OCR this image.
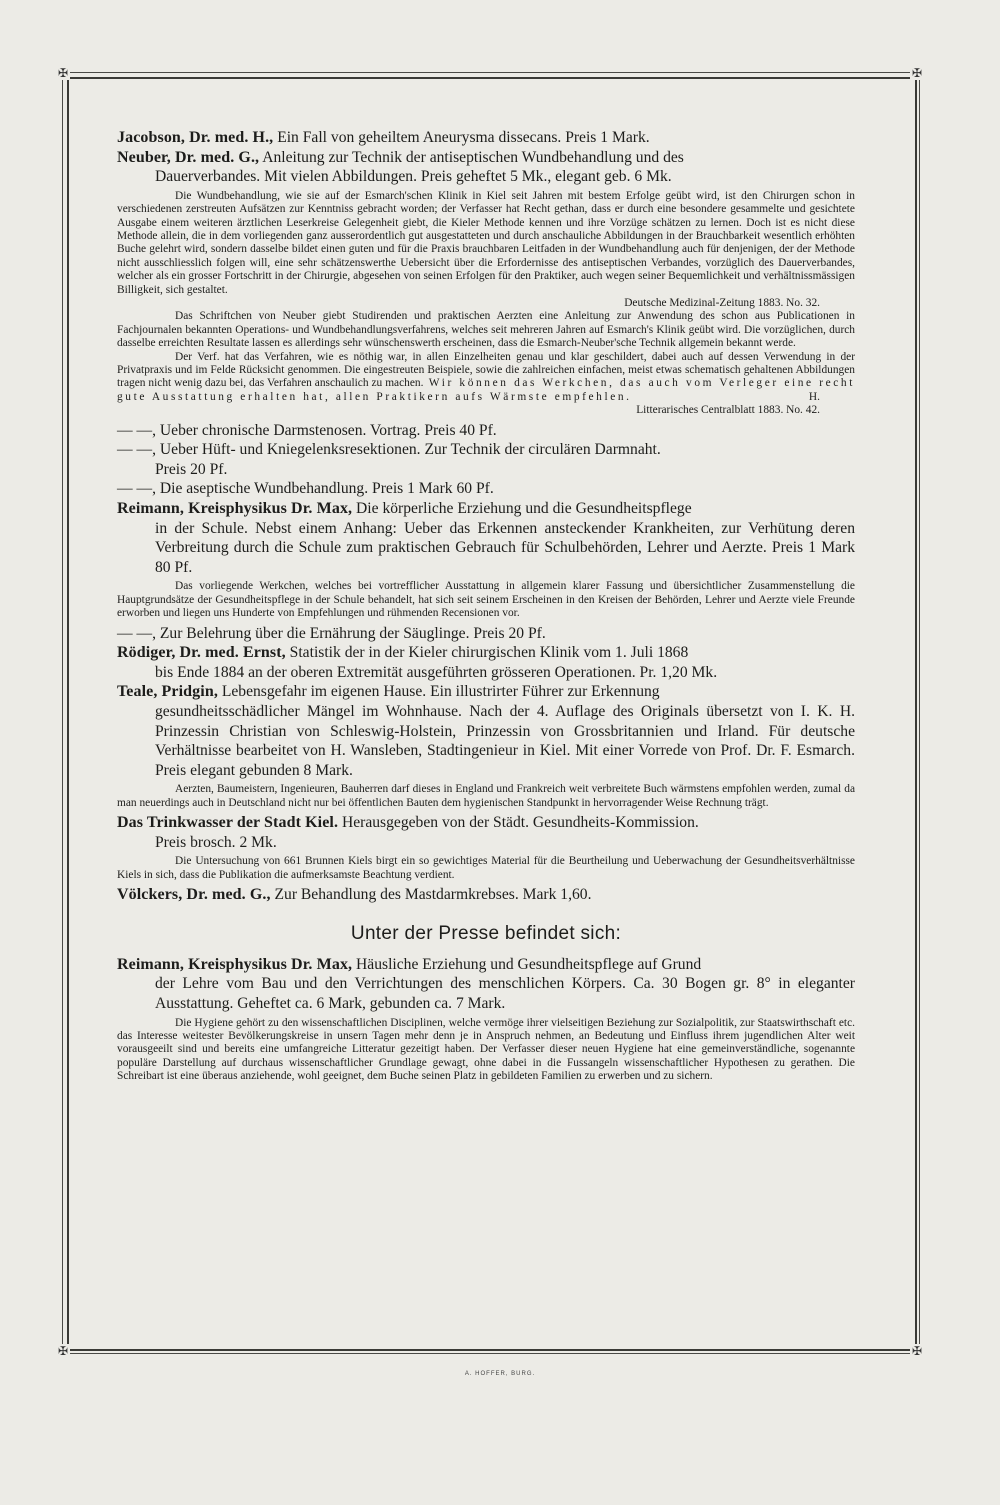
✠	✠
✠	✠

Jacobson, Dr. med. H., Ein Fall von geheiltem Aneurysma dissecans. Preis 1 Mark.

Neuber, Dr. med. G., Anleitung zur Technik der antiseptischen Wundbehandlung und des
Dauerverbandes. Mit vielen Abbildungen. Preis geheftet 5 Mk., elegant geb. 6 Mk.

Die Wundbehandlung, wie sie auf der Esmarch'schen Klinik in Kiel seit Jahren mit bestem Erfolge geübt wird, ist den Chirurgen schon in verschiedenen zerstreuten Aufsätzen zur Kenntniss gebracht worden; der Verfasser hat Recht gethan, dass er durch eine besondere gesammelte und gesichtete Ausgabe einem weiteren ärztlichen Leserkreise Gelegenheit giebt, die Kieler Methode kennen und ihre Vorzüge schätzen zu lernen. Doch ist es nicht diese Methode allein, die in dem vorliegenden ganz ausserordentlich gut ausgestatteten und durch anschauliche Abbildungen in der Brauchbarkeit wesentlich erhöhten Buche gelehrt wird, sondern dasselbe bildet einen guten und für die Praxis brauchbaren Leitfaden in der Wundbehandlung auch für denjenigen, der der Methode nicht ausschliesslich folgen will, eine sehr schätzenswerthe Uebersicht über die Erfordernisse des antiseptischen Verbandes, vorzüglich des Dauerverbandes, welcher als ein grosser Fortschritt in der Chirurgie, abgesehen von seinen Erfolgen für den Praktiker, auch wegen seiner Bequemlichkeit und verhältnissmässigen Billigkeit, sich gestaltet.

Deutsche Medizinal-Zeitung 1883. No. 32.

Das Schriftchen von Neuber giebt Studirenden und praktischen Aerzten eine Anleitung zur Anwendung des schon aus Publicationen in Fachjournalen bekannten Operations- und Wundbehandlungsverfahrens, welches seit mehreren Jahren auf Esmarch's Klinik geübt wird. Die vorzüglichen, durch dasselbe erreichten Resultate lassen es allerdings sehr wünschenswerth erscheinen, dass die Esmarch-Neuber'sche Technik allgemein bekannt werde.

Der Verf. hat das Verfahren, wie es nöthig war, in allen Einzelheiten genau und klar geschildert, dabei auch auf dessen Verwendung in der Privatpraxis und im Felde Rücksicht genommen. Die eingestreuten Beispiele, sowie die zahlreichen einfachen, meist etwas schematisch gehaltenen Abbildungen tragen nicht wenig dazu bei, das Verfahren anschaulich zu machen. Wir können das Werkchen, das auch vom Verleger eine recht gute Ausstattung erhalten hat, allen Praktikern aufs Wärmste empfehlen.	H.

Litterarisches Centralblatt 1883. No. 42.

— —, Ueber chronische Darmstenosen. Vortrag. Preis 40 Pf.

— —, Ueber Hüft- und Kniegelenksresektionen. Zur Technik der circulären Darmnaht.
Preis 20 Pf.

— —, Die aseptische Wundbehandlung. Preis 1 Mark 60 Pf.

Reimann, Kreisphysikus Dr. Max, Die körperliche Erziehung und die Gesundheitspflege
in der Schule. Nebst einem Anhang: Ueber das Erkennen ansteckender Krankheiten, zur Verhütung deren Verbreitung durch die Schule zum praktischen Gebrauch für Schulbehörden, Lehrer und Aerzte. Preis 1 Mark 80 Pf.

Das vorliegende Werkchen, welches bei vortrefflicher Ausstattung in allgemein klarer Fassung und übersichtlicher Zusammenstellung die Hauptgrundsätze der Gesundheitspflege in der Schule behandelt, hat sich seit seinem Erscheinen in den Kreisen der Behörden, Lehrer und Aerzte viele Freunde erworben und liegen uns Hunderte von Empfehlungen und rühmenden Recensionen vor.

— —, Zur Belehrung über die Ernährung der Säuglinge. Preis 20 Pf.

Rödiger, Dr. med. Ernst, Statistik der in der Kieler chirurgischen Klinik vom 1. Juli 1868
bis Ende 1884 an der oberen Extremität ausgeführten grösseren Operationen. Pr. 1,20 Mk.

Teale, Pridgin, Lebensgefahr im eigenen Hause. Ein illustrirter Führer zur Erkennung
gesundheitsschädlicher Mängel im Wohnhause. Nach der 4. Auflage des Originals übersetzt von I. K. H. Prinzessin Christian von Schleswig-Holstein, Prinzessin von Grossbritannien und Irland. Für deutsche Verhältnisse bearbeitet von H. Wansleben, Stadtingenieur in Kiel. Mit einer Vorrede von Prof. Dr. F. Esmarch. Preis elegant gebunden 8 Mark.

Aerzten, Baumeistern, Ingenieuren, Bauherren darf dieses in England und Frankreich weit verbreitete Buch wärmstens empfohlen werden, zumal da man neuerdings auch in Deutschland nicht nur bei öffentlichen Bauten dem hygienischen Standpunkt in hervorragender Weise Rechnung trägt.

Das Trinkwasser der Stadt Kiel. Herausgegeben von der Städt. Gesundheits-Kommission.
Preis brosch. 2 Mk.

Die Untersuchung von 661 Brunnen Kiels birgt ein so gewichtiges Material für die Beurtheilung und Ueberwachung der Gesundheitsverhältnisse Kiels in sich, dass die Publikation die aufmerksamste Beachtung verdient.

Völckers, Dr. med. G., Zur Behandlung des Mastdarmkrebses. Mark 1,60.

Unter der Presse befindet sich:

Reimann, Kreisphysikus Dr. Max, Häusliche Erziehung und Gesundheitspflege auf Grund
der Lehre vom Bau und den Verrichtungen des menschlichen Körpers. Ca. 30 Bogen gr. 8° in eleganter Ausstattung. Geheftet ca. 6 Mark, gebunden ca. 7 Mark.

Die Hygiene gehört zu den wissenschaftlichen Disciplinen, welche vermöge ihrer vielseitigen Beziehung zur Sozialpolitik, zur Staatswirthschaft etc. das Interesse weitester Bevölkerungskreise in unsern Tagen mehr denn je in Anspruch nehmen, an Bedeutung und Einfluss ihrem jugendlichen Alter weit vorausgeeilt sind und bereits eine umfangreiche Litteratur gezeitigt haben. Der Verfasser dieser neuen Hygiene hat eine gemeinverständliche, sogenannte populäre Darstellung auf durchaus wissenschaftlicher Grundlage gewagt, ohne dabei in die Fussangeln wissenschaftlicher Hypothesen zu gerathen. Die Schreibart ist eine überaus anziehende, wohl geeignet, dem Buche seinen Platz in gebildeten Familien zu erwerben und zu sichern.

A. HOFFER, BURG.
